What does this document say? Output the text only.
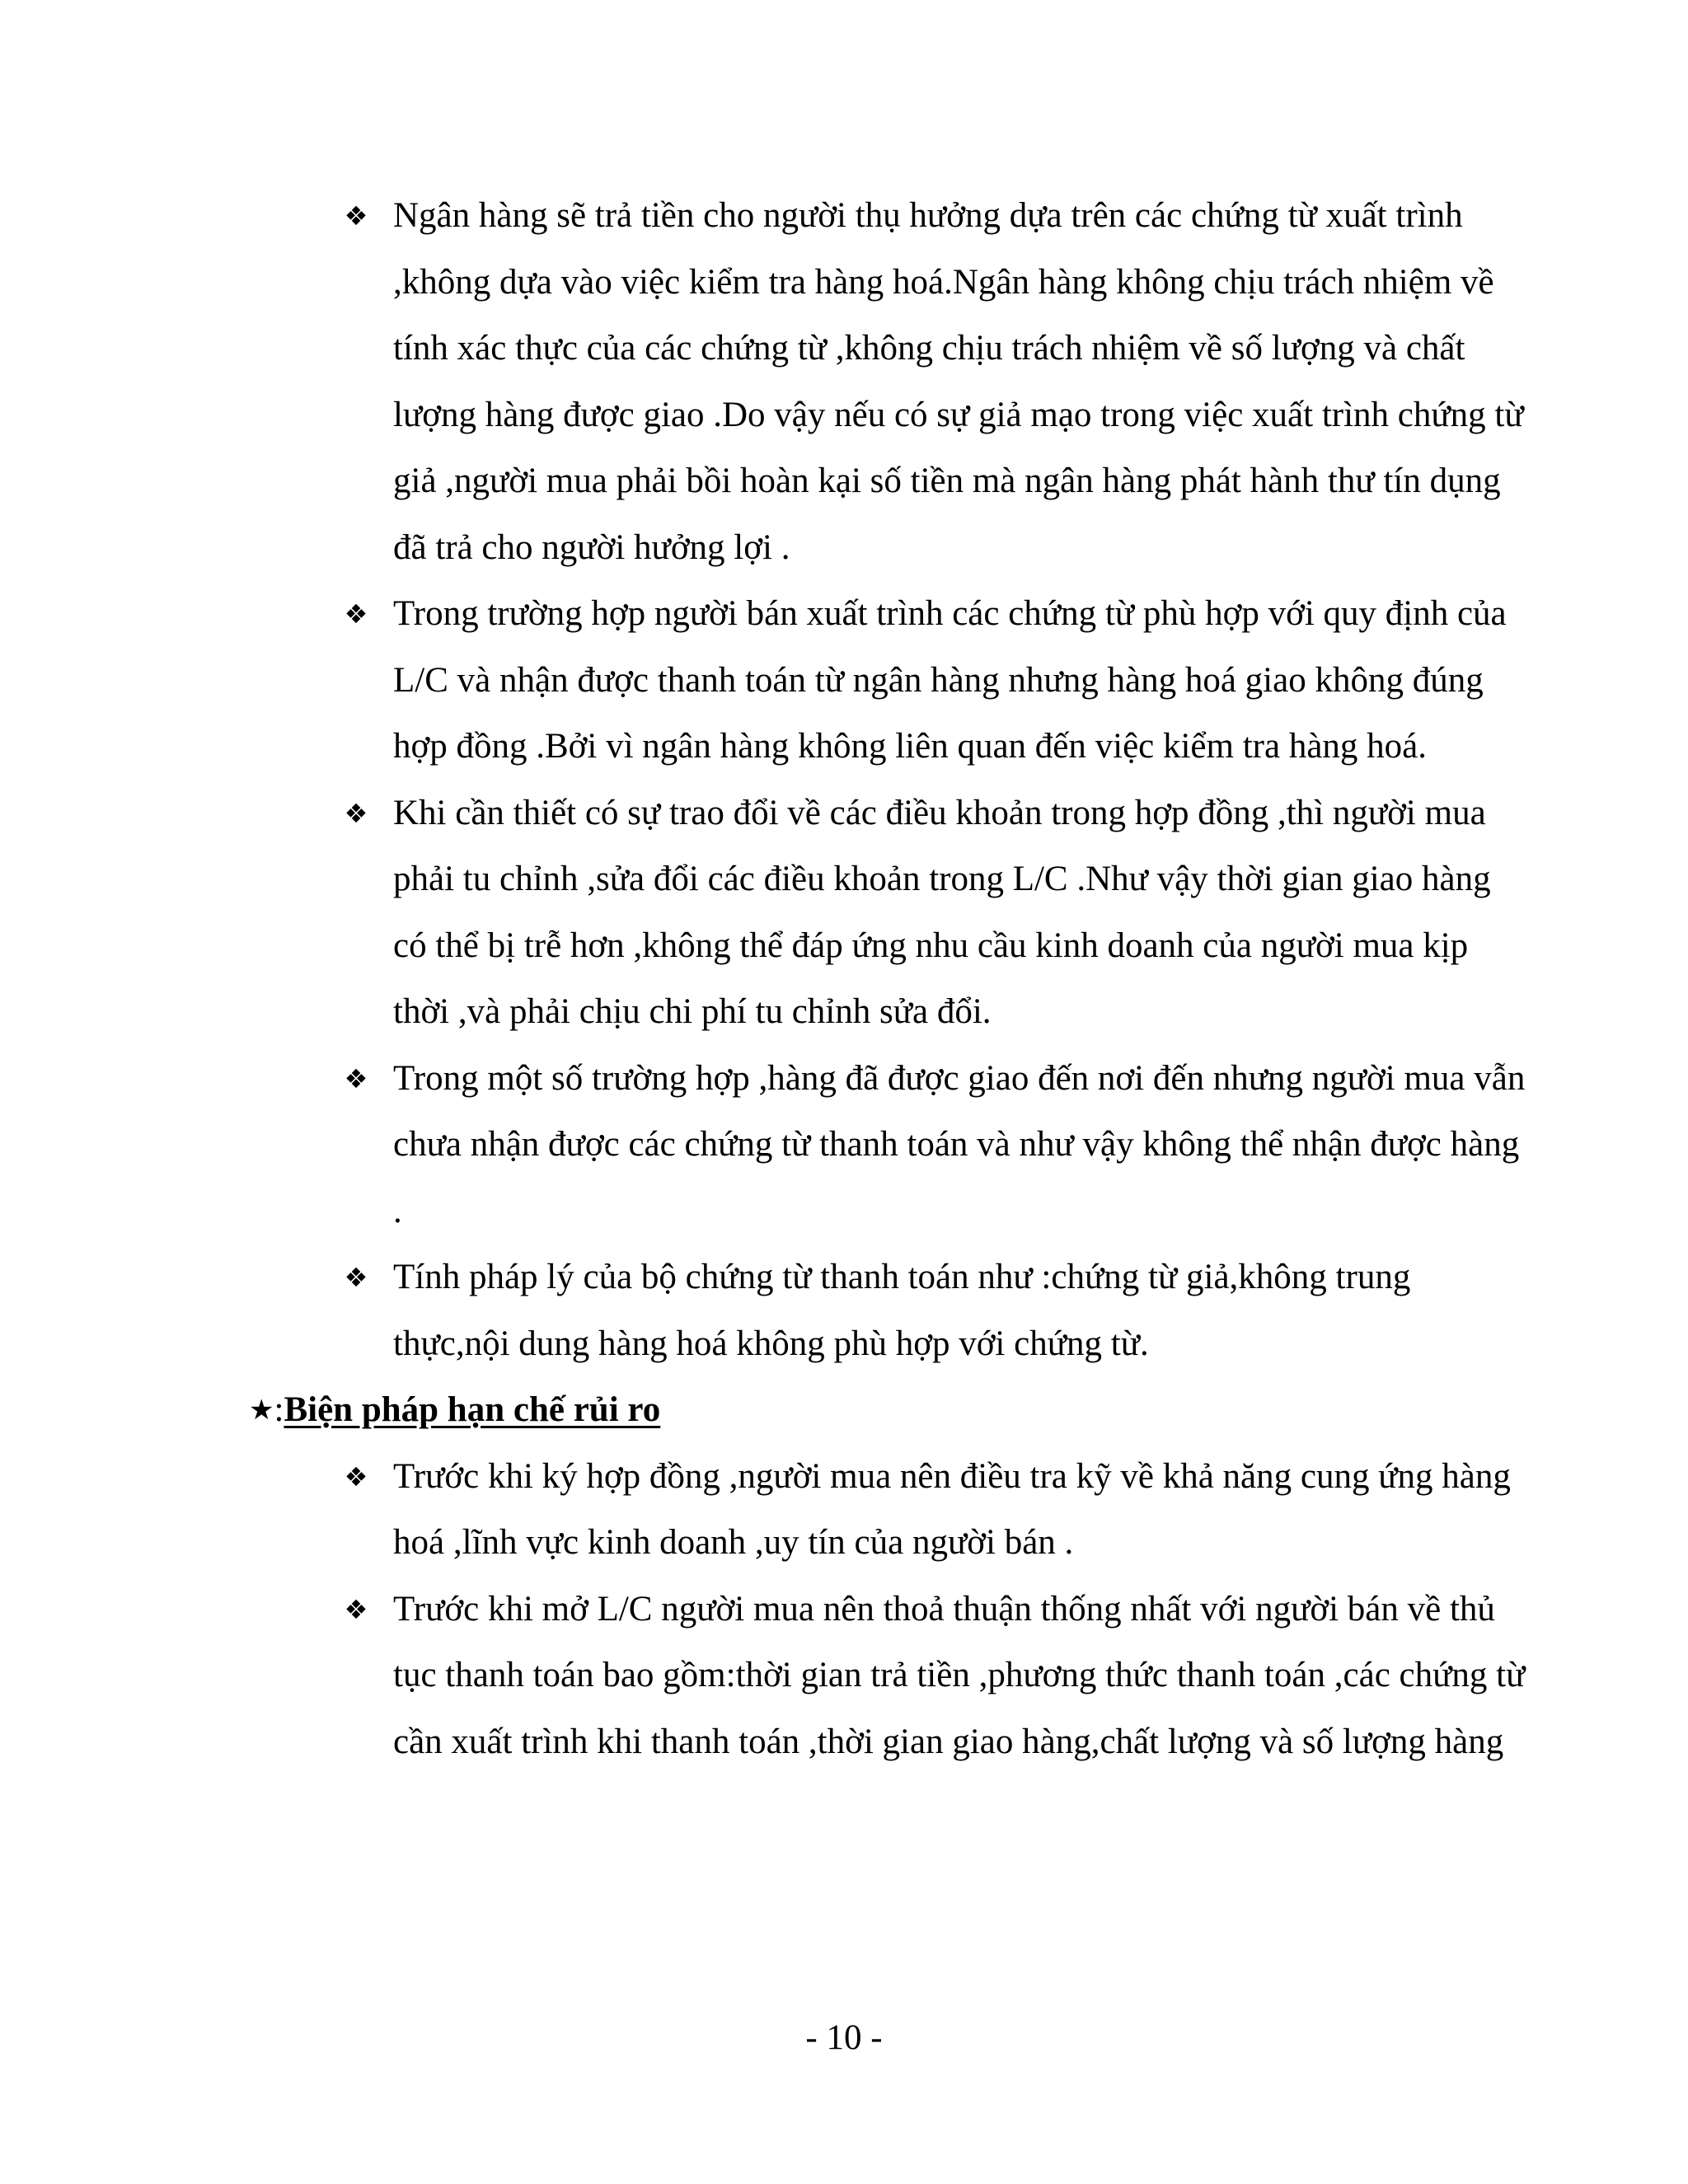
❖ Ngân hàng sẽ trả tiền cho người thụ hưởng dựa trên các chứng từ xuất trình ,không dựa vào việc kiểm tra hàng hoá.Ngân hàng không chịu trách nhiệm về tính xác thực của các chứng từ ,không chịu trách nhiệm về số lượng và chất lượng hàng được giao .Do vậy nếu có sự giả mạo trong việc xuất trình chứng từ giả ,người mua phải bồi hoàn kại số tiền mà ngân hàng phát hành thư tín dụng đã trả cho người hưởng lợi .
❖ Trong trường hợp người bán xuất trình các chứng từ phù hợp với quy định của L/C và nhận được thanh toán từ ngân hàng nhưng hàng hoá giao không đúng hợp đồng .Bởi vì ngân hàng không liên quan đến việc kiểm tra hàng hoá.
❖ Khi cần thiết có sự trao đổi về các điều khoản trong hợp đồng ,thì người mua phải tu chỉnh ,sửa đổi các điều khoản trong L/C .Như vậy thời gian giao hàng có thể bị trễ hơn ,không thể đáp ứng nhu cầu kinh doanh của người mua kịp thời ,và phải chịu chi phí tu chỉnh sửa đổi.
❖ Trong một số trường hợp ,hàng đã được giao đến nơi đến nhưng người mua vẫn chưa nhận được các chứng từ thanh toán và như vậy không thể nhận được hàng .
❖ Tính pháp lý của bộ chứng từ thanh toán như :chứng từ giả,không trung thực,nội dung hàng hoá không phù hợp với chứng từ.
★:Biện pháp hạn chế rủi ro
❖ Trước khi ký hợp đồng ,người mua nên điều tra kỹ về khả năng cung ứng hàng hoá ,lĩnh vực kinh doanh ,uy tín của người bán .
❖ Trước khi mở L/C người mua nên thoả thuận thống nhất với người bán về thủ tục thanh toán bao gồm:thời gian trả tiền ,phương thức thanh toán ,các chứng từ cần xuất trình khi thanh toán ,thời gian giao hàng,chất lượng và số lượng hàng
- 10 -
